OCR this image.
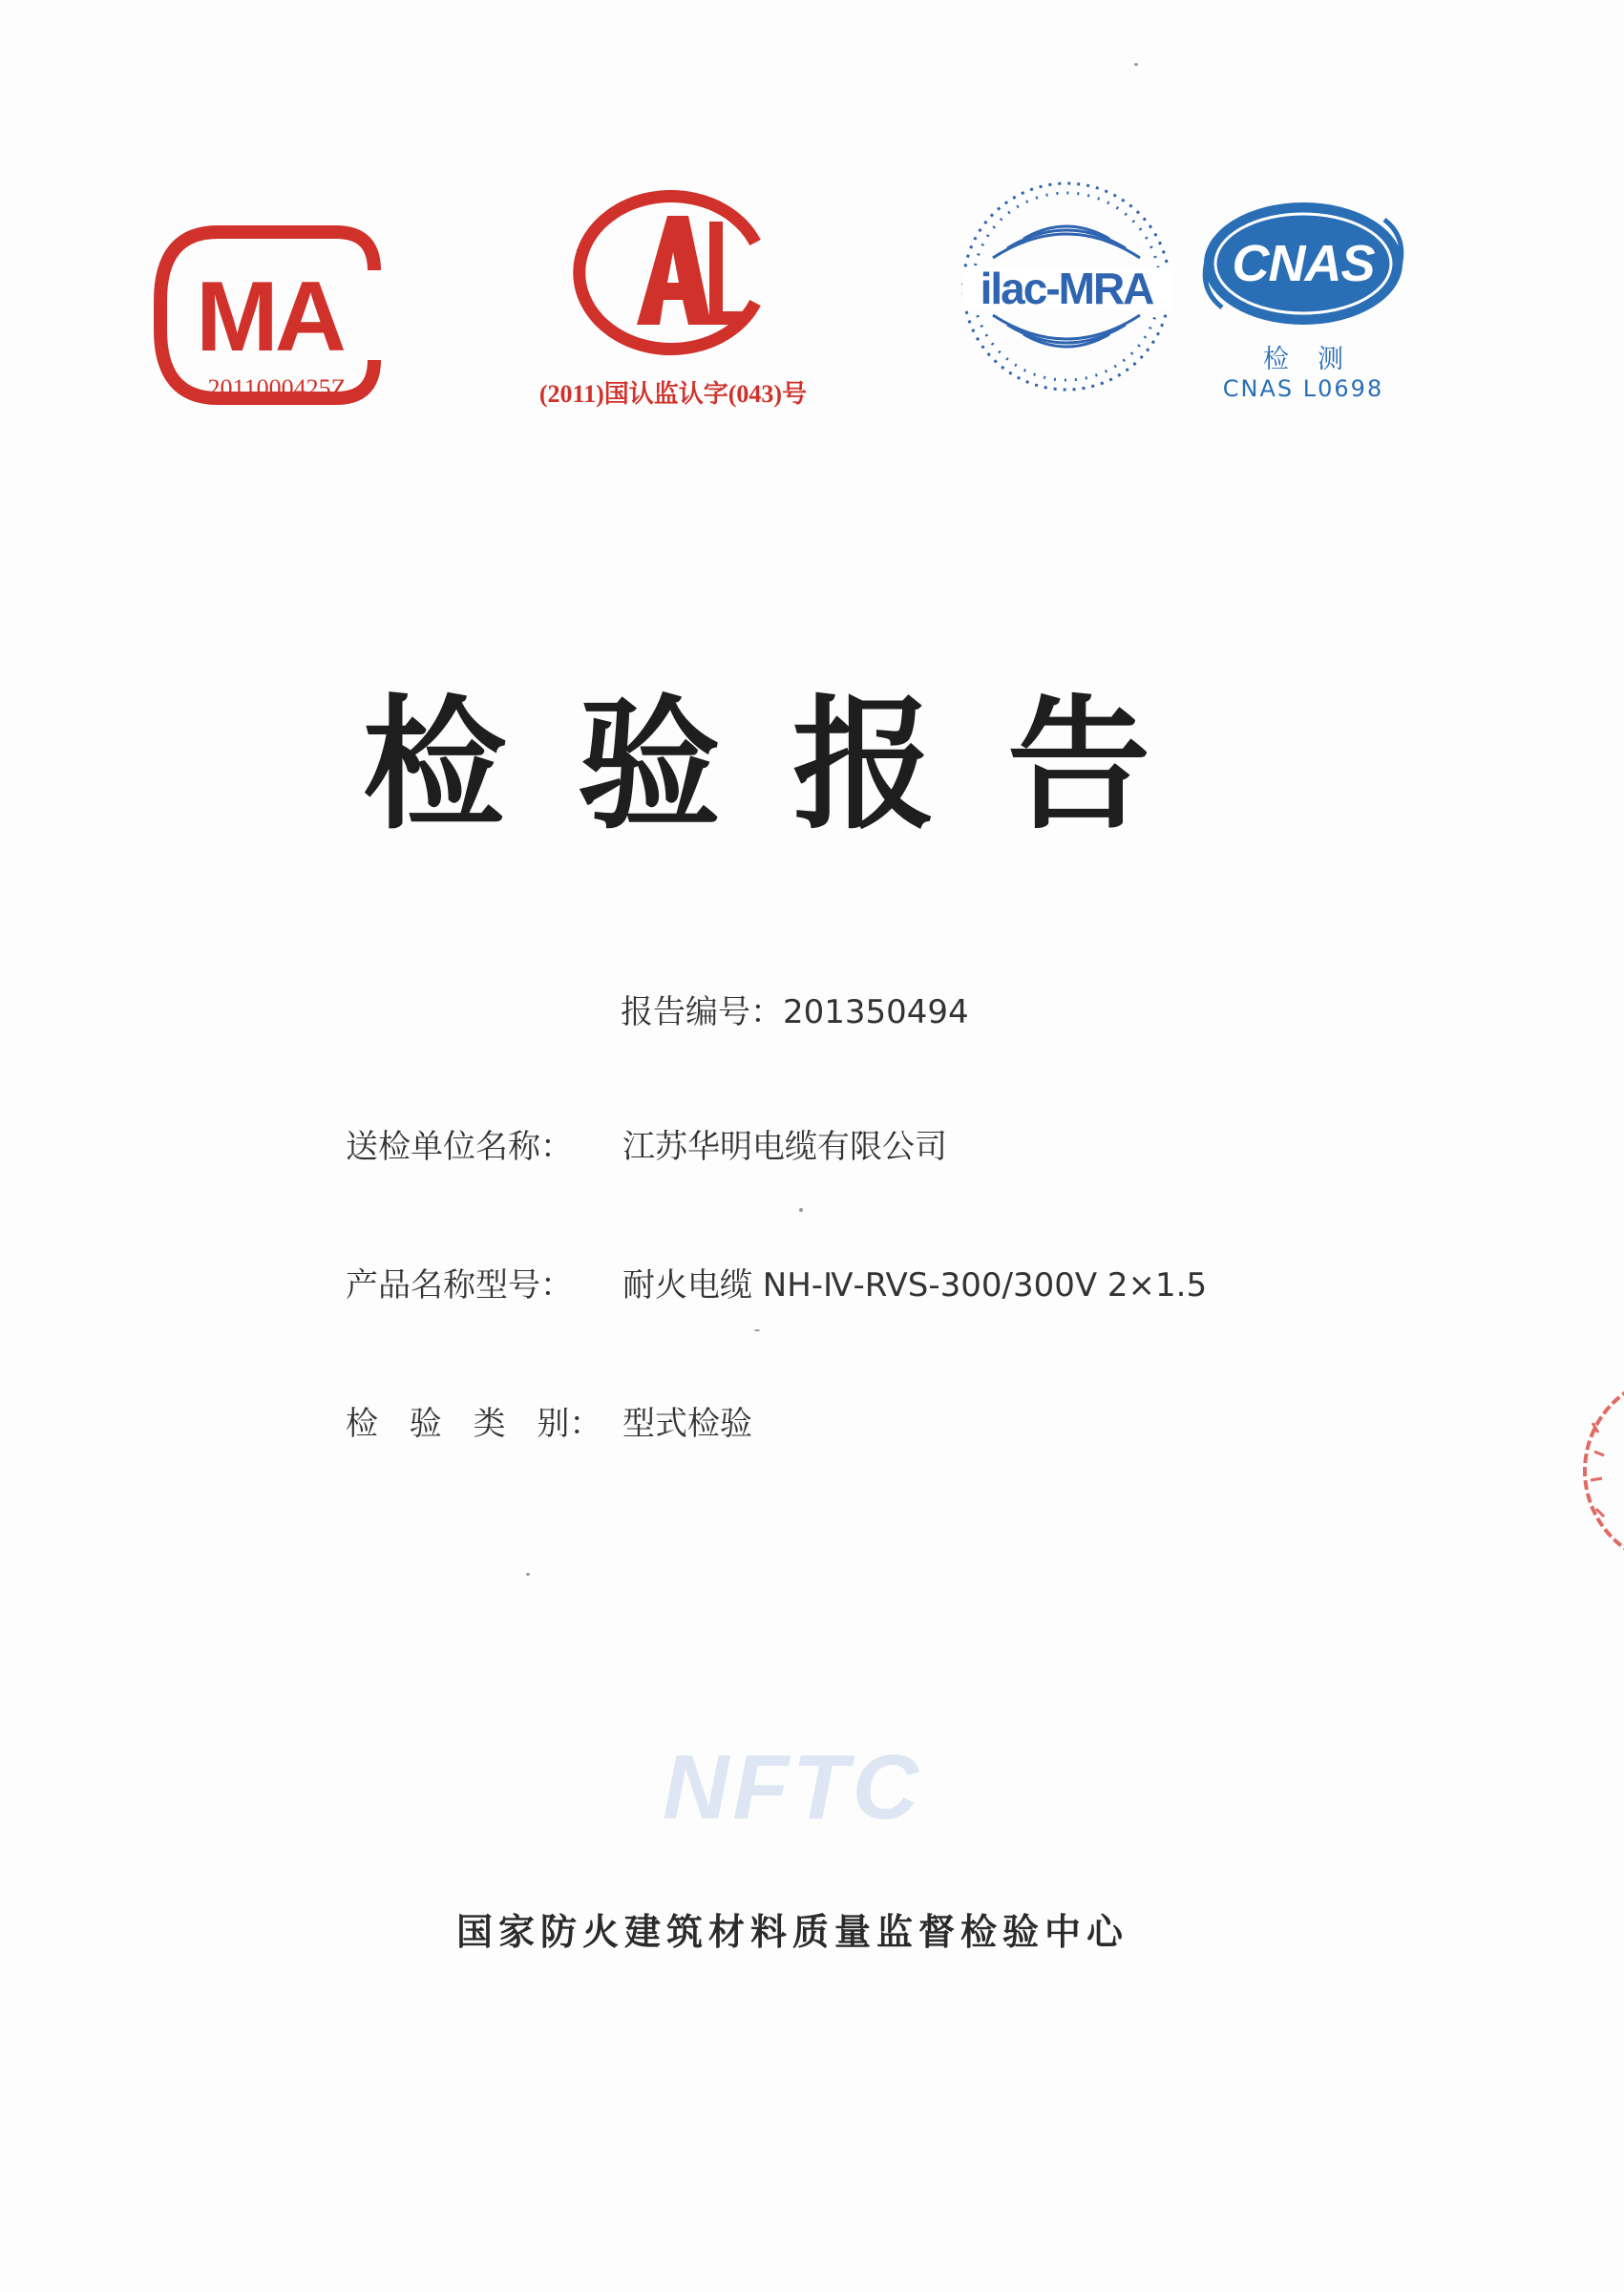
MA
2011000425Z	(2011)国认监认字(043)号
ilac-MRA CNAS
检测
CNAS L0698
检验报告
报告编号：201350494
送检单位名称： 江苏华明电缆有限公司
产品名称型号： 耐火电缆 NH-Ⅳ-RVS-300/300V 2×1.5
检 验 类 别： 型式检验
NFTC
国家防火建筑材料质量监督检验中心
